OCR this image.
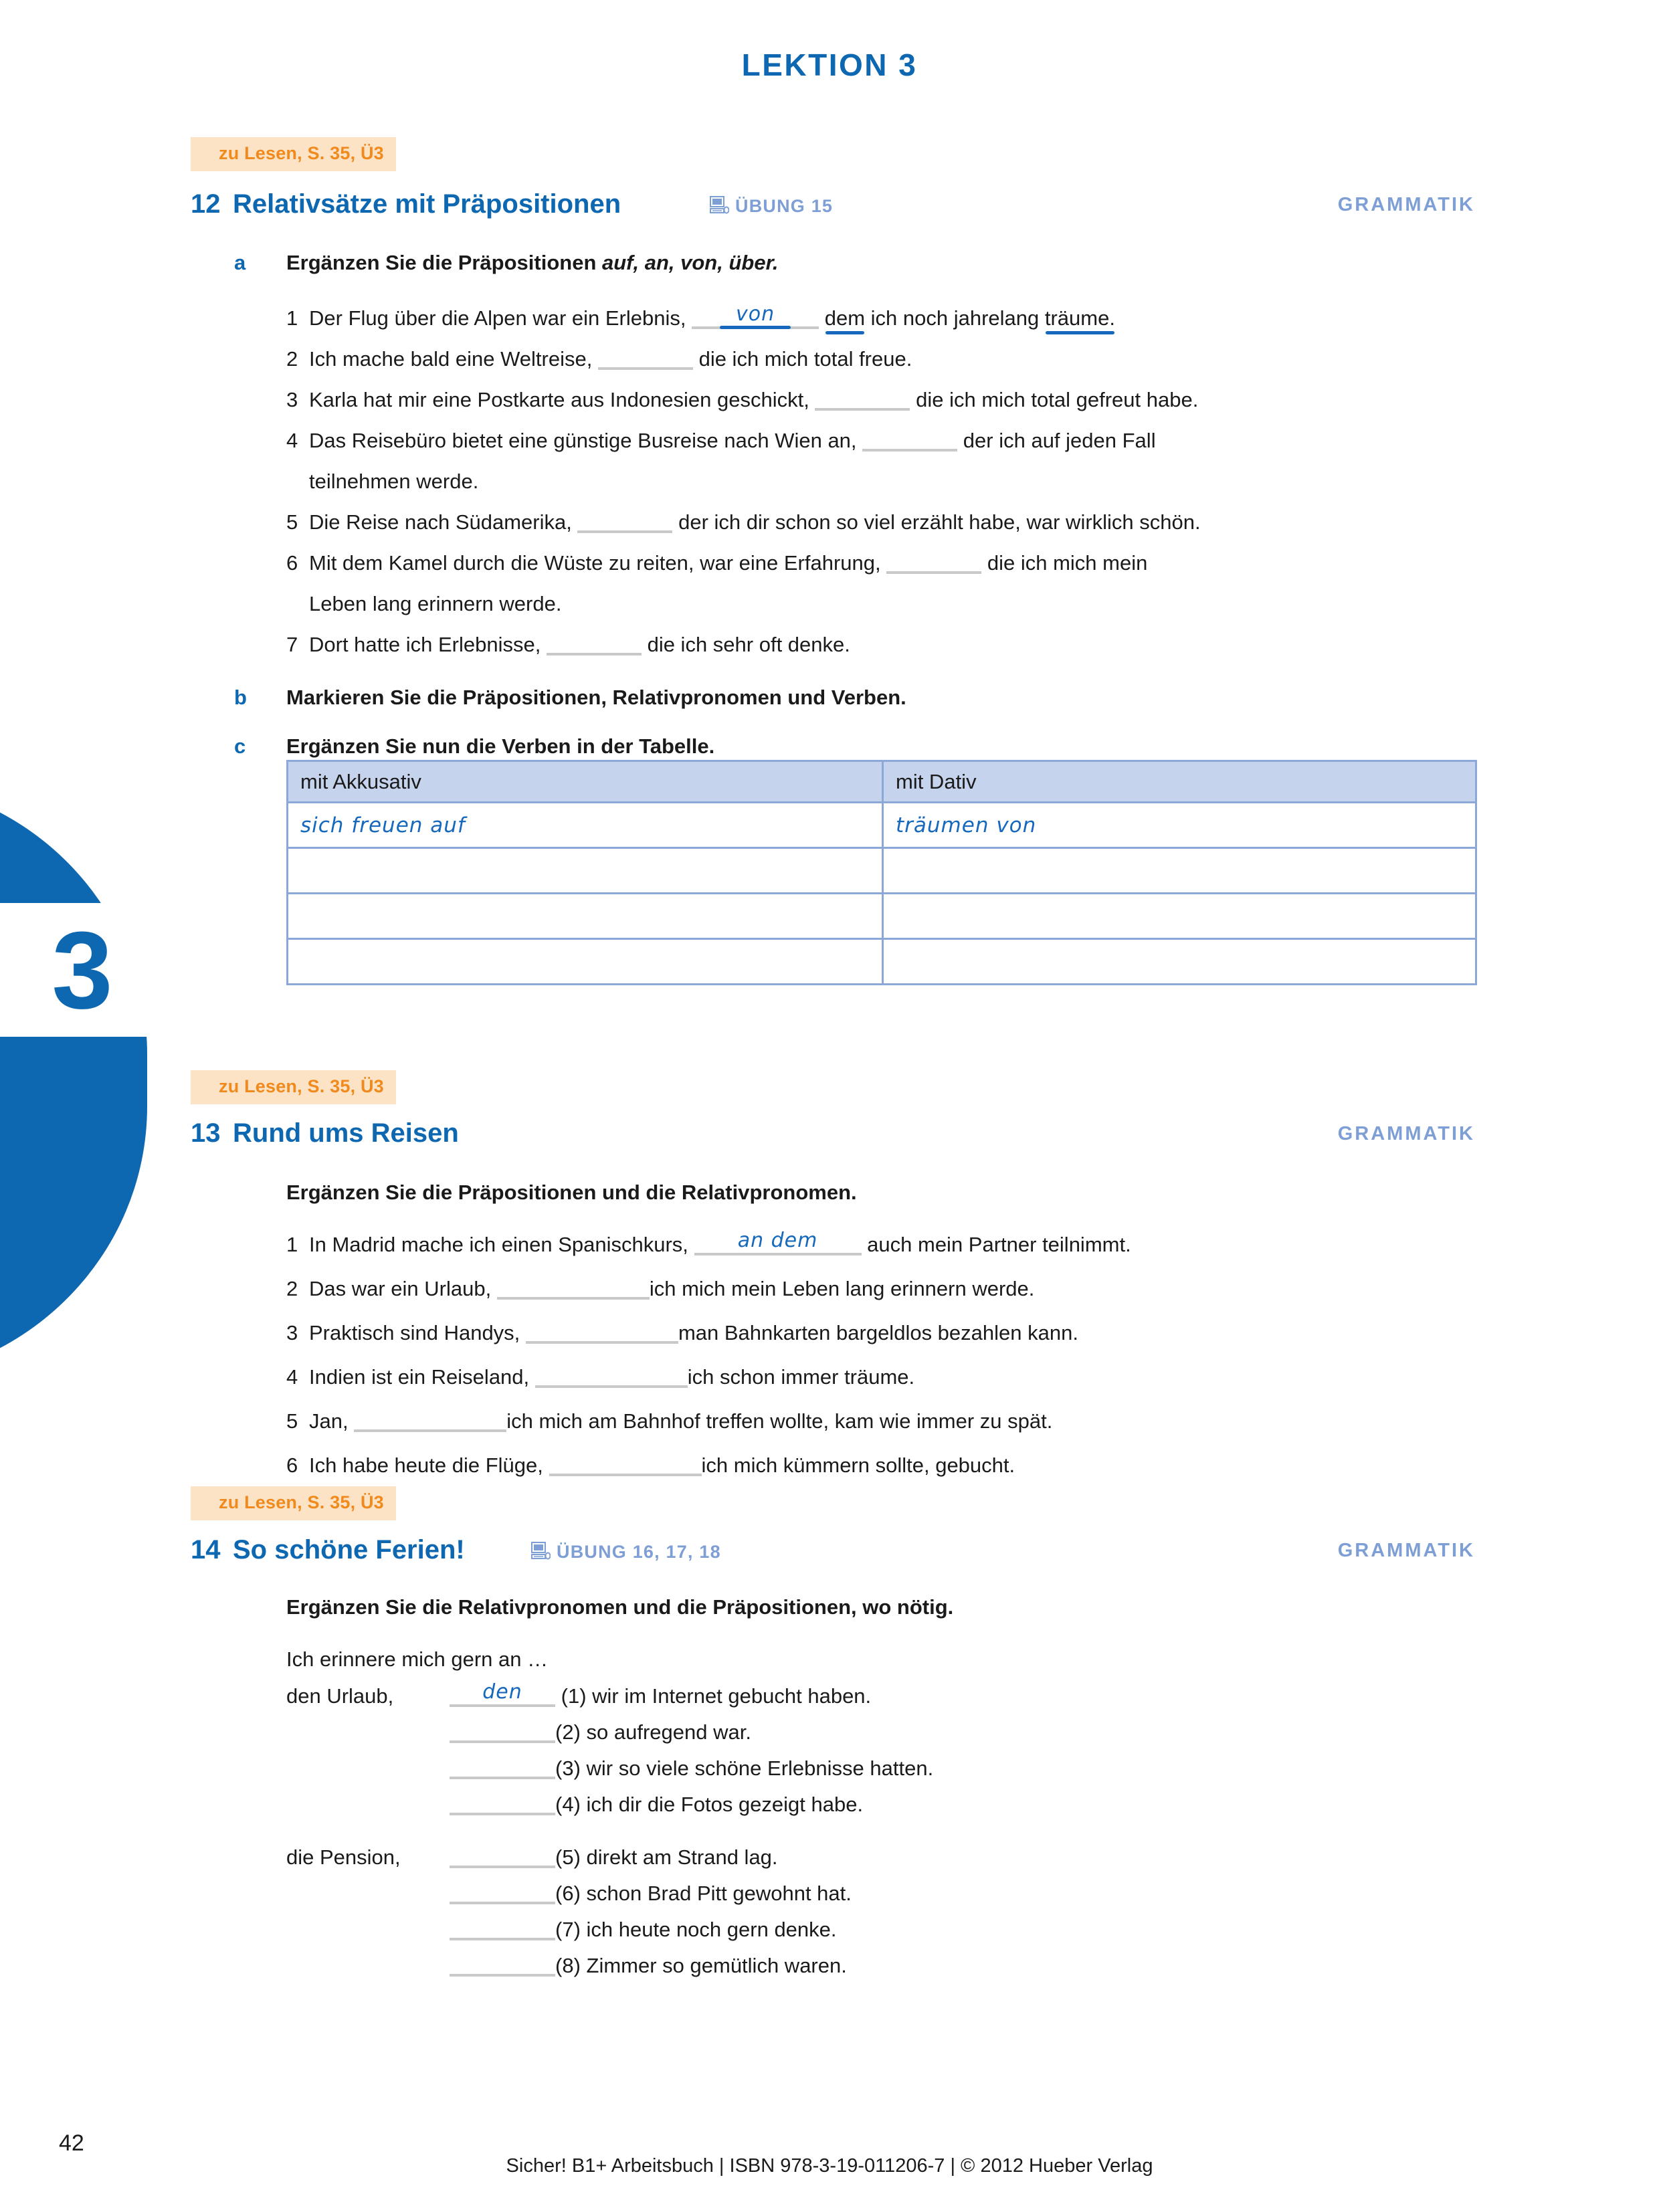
3
LEKTION 3
zu Lesen, S. 35, Ü3
12 Relativsätze mit Präpositionen	ÜBUNG 15	GRAMMATIK
a Ergänzen Sie die Präpositionen auf, an, von, über.
1 Der Flug über die Alpen war ein Erlebnis,	von	dem ich noch jahrelang träume.
2 Ich mache bald eine Weltreise,	die ich mich total freue.
3 Karla hat mir eine Postkarte aus Indonesien geschickt,	die ich mich total gefreut habe.
4 Das Reisebüro bietet eine günstige Busreise nach Wien an,	der ich auf jeden Fall
teilnehmen werde.
5 Die Reise nach Südamerika,	der ich dir schon so viel erzählt habe, war wirklich schön.
6 Mit dem Kamel durch die Wüste zu reiten, war eine Erfahrung,	die ich mich mein
Leben lang erinnern werde.
7 Dort hatte ich Erlebnisse,	die ich sehr oft denke.
b Markieren Sie die Präpositionen, Relativpronomen und Verben.
c Ergänzen Sie nun die Verben in der Tabelle.
mit Akkusativ	mit Dativ
sich freuen auf	träumen von

zu Lesen, S. 35, Ü3
13 Rund ums Reisen	GRAMMATIK
Ergänzen Sie die Präpositionen und die Relativpronomen.
1 In Madrid mache ich einen Spanischkurs,	an dem	auch mein Partner teilnimmt.
2 Das war ein Urlaub,	ich mich mein Leben lang erinnern werde.
3 Praktisch sind Handys,	man Bahnkarten bargeldlos bezahlen kann.
4 Indien ist ein Reiseland,	ich schon immer träume.
5 Jan,	ich mich am Bahnhof treffen wollte, kam wie immer zu spät.
6 Ich habe heute die Flüge,	ich mich kümmern sollte, gebucht.
zu Lesen, S. 35, Ü3
14 So schöne Ferien!	ÜBUNG 16, 17, 18	GRAMMATIK
Ergänzen Sie die Relativpronomen und die Präpositionen, wo nötig.
Ich erinnere mich gern an …
den Urlaub,	den	(1) wir im Internet gebucht haben.
(2) so aufregend war.
(3) wir so viele schöne Erlebnisse hatten.
(4) ich dir die Fotos gezeigt habe.
die Pension,	(5) direkt am Strand lag.
(6) schon Brad Pitt gewohnt hat.
(7) ich heute noch gern denke.
(8) Zimmer so gemütlich waren.
42
Sicher! B1+ Arbeitsbuch | ISBN 978-3-19-011206-7 | © 2012 Hueber Verlag
